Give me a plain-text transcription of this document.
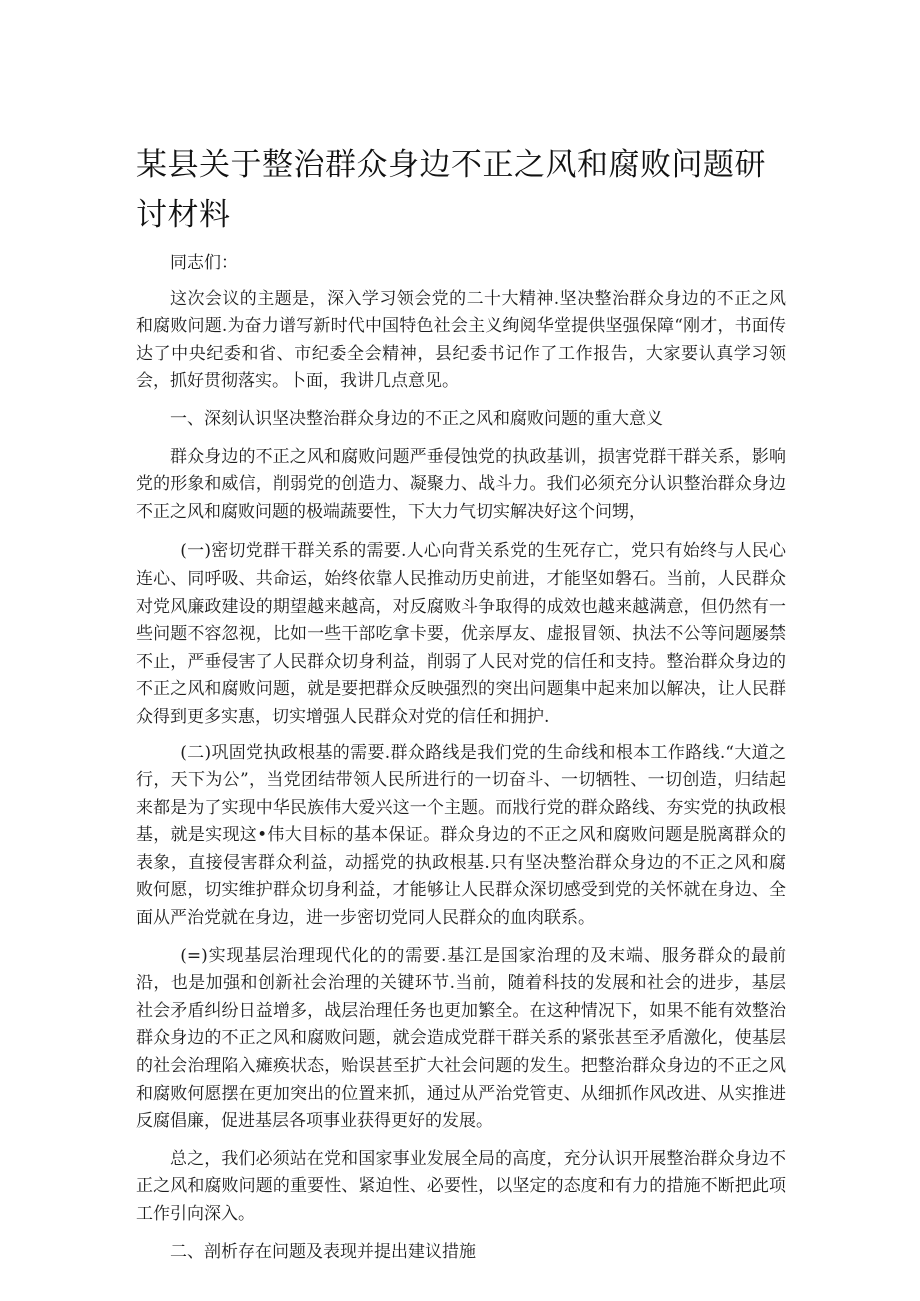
某县关于整治群众身边不正之风和腐败问题研讨材料

同志们：

这次会议的主题是，深入学习领会党的二十大精神.坚决整治群众身边的不正之风和腐败问题.为奋力谱写新时代中国特色社会主义绚阅华堂提供坚强保障“刚才，书面传达了中央纪委和省、市纪委全会精神，县纪委书记作了工作报告，大家要认真学习领会，抓好贯彻落实。卜面，我讲几点意见。

一、深刻认识坚决整治群众身边的不正之风和腐败问题的重大意义

群众身边的不正之风和腐败问题严垂侵蚀党的执政基训，损害党群干群关系，影响党的形象和威信，削弱党的创造力、凝聚力、战斗力。我们必须充分认识整治群众身边不正之风和腐败问题的极端蔬要性，下大力气切实解决好这个问甥，

(一)密切党群干群关系的需要.人心向背关系党的生死存亡，党只有始终与人民心连心、同呼吸、共命运，始终依靠人民推动历史前进，才能坚如磐石。当前，人民群众对党风廉政建设的期望越来越高，对反腐败斗争取得的成效也越来越满意，但仍然有一些问题不容忽视，比如一些干部吃拿卡要，优亲厚友、虚报冒领、执法不公等问题屡禁不止，严垂侵害了人民群众切身利益，削弱了人民对党的信任和支持。整治群众身边的不正之风和腐败问题，就是要把群众反映强烈的突出问题集中起来加以解决，让人民群众得到更多实惠，切实增强人民群众对党的信任和拥护.

(二)巩固党执政根基的需要.群众路线是我们党的生命线和根本工作路线.“大道之行，天下为公”，当党团结带领人民所进行的一切奋斗、一切牺牲、一切创造，归结起来都是为了实现中华民族伟大爱兴这一个主题。而戕行党的群众路线、夯实党的执政根基，就是实现这•伟大目标的基本保证。群众身边的不正之风和腐败问题是脱离群众的表象，直接侵害群众利益，动摇党的执政根基.只有坚决整治群众身边的不正之风和腐败何愿，切实维护群众切身利益，才能够让人民群众深切感受到党的关怀就在身边、全面从严治党就在身边，进一步密切党同人民群众的血肉联系。

(=)实现基层治理现代化的的需要.基江是国家治理的及末端、服务群众的最前沿，也是加强和创新社会治理的关键环节.当前，随着科技的发展和社会的进步，基层社会矛盾纠纷日益增多，战层治理任务也更加繁全。在这种情况下，如果不能有效整治群众身边的不正之风和腐败问题，就会造成党群干群关系的紧张甚至矛盾激化，使基层的社会治理陷入瘫痪状态，贻误甚至扩大社会问题的发生。把整治群众身边的不正之风和腐败何愿摆在更加突出的位置来抓，通过从严治党管吏、从细抓作风改进、从实推进反腐倡廉，促进基层各项事业获得更好的发展。

总之，我们必须站在党和国家事业发展全局的高度，充分认识开展整治群众身边不正之风和腐败问题的重要性、紧迫性、必要性，以坚定的态度和有力的措施不断把此项工作引向深入。

二、剖析存在问题及表现并提出建议措施
